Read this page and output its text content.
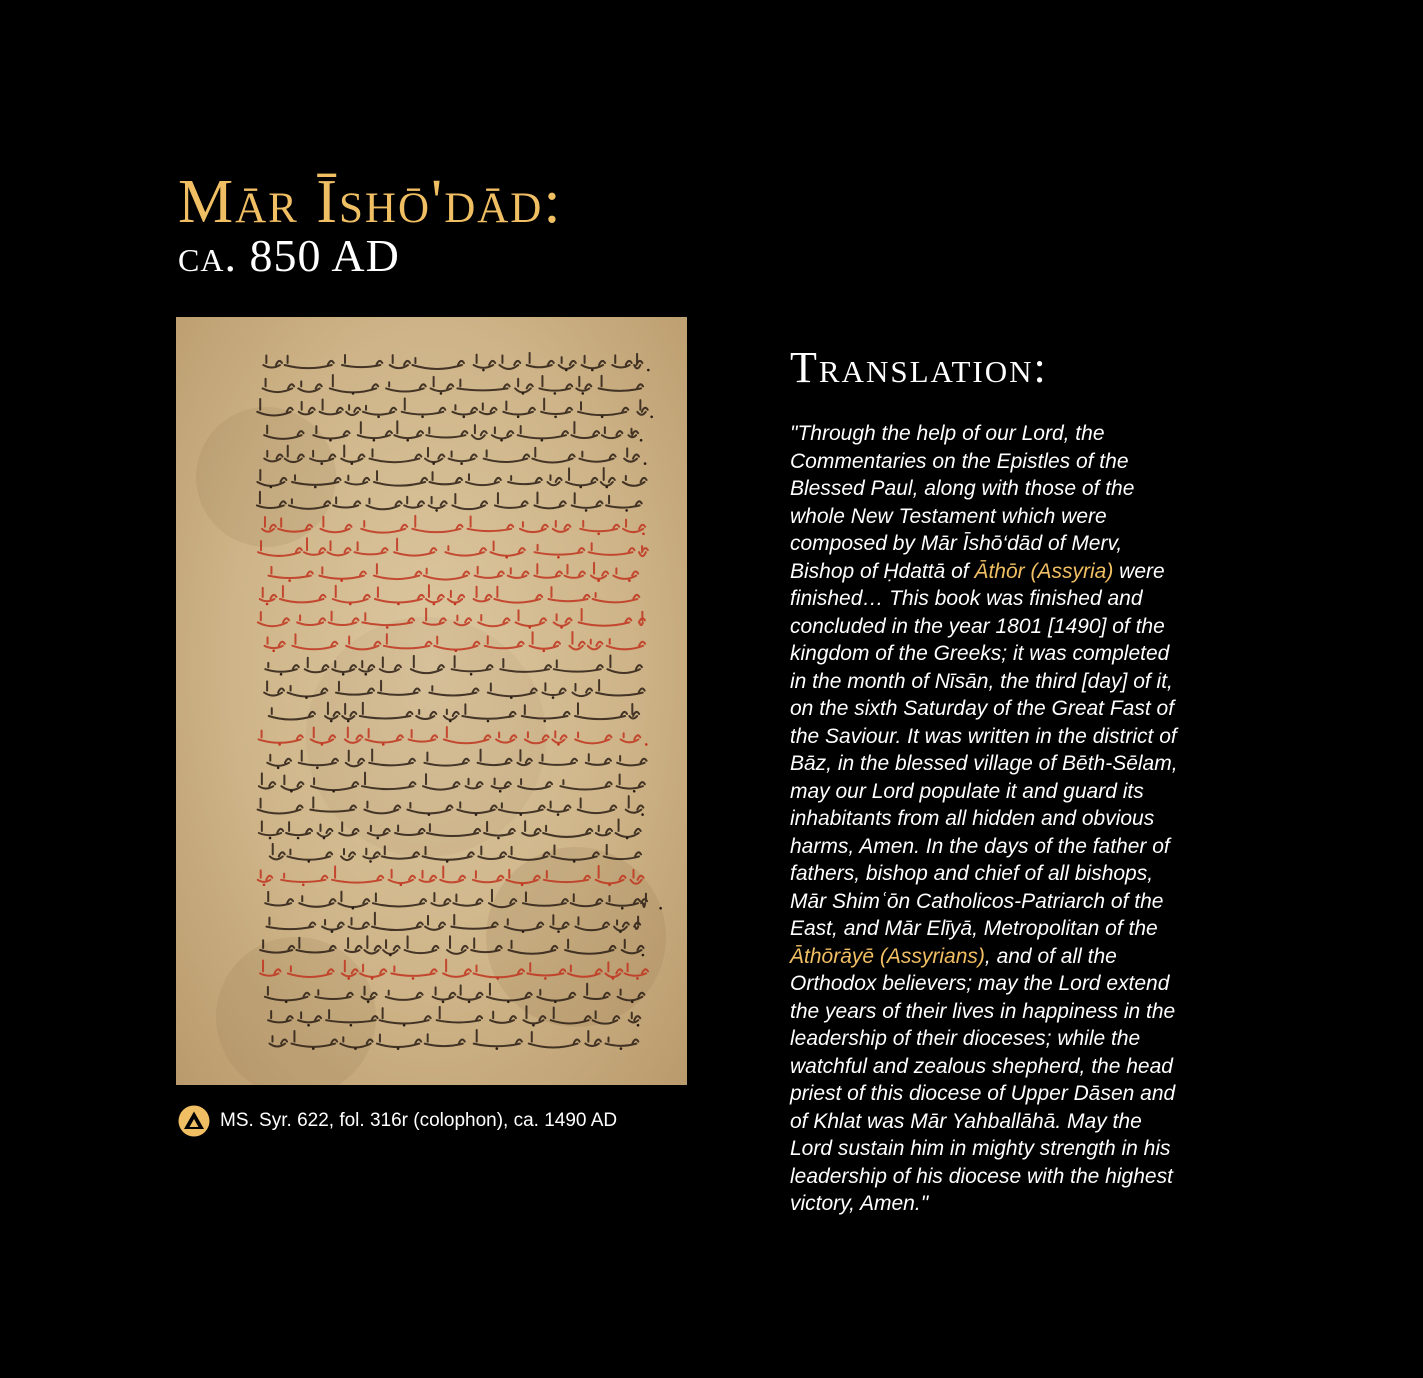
Mār Īshō'dād:
ca. 850 AD
MS. Syr. 622, fol. 316r (colophon), ca. 1490 AD
Translation:
"Through the help of our Lord, the
Commentaries on the Epistles of the
Blessed Paul, along with those of the
whole New Testament which were
composed by Mār Īshō‘dād of Merv,
Bishop of Ḥdattā of Āthōr (Assyria) were
finished… This book was finished and
concluded in the year 1801 [1490] of the
kingdom of the Greeks; it was completed
in the month of Nīsān, the third [day] of it,
on the sixth Saturday of the Great Fast of
the Saviour. It was written in the district of
Bāz, in the blessed village of Bēth-Sēlam,
may our Lord populate it and guard its
inhabitants from all hidden and obvious
harms, Amen. In the days of the father of
fathers, bishop and chief of all bishops,
Mār Shimʿōn Catholicos-Patriarch of the
East, and Mār Elīyā, Metropolitan of the
Āthōrāyē (Assyrians), and of all the
Orthodox believers; may the Lord extend
the years of their lives in happiness in the
leadership of their dioceses; while the
watchful and zealous shepherd, the head
priest of this diocese of Upper Dāsen and
of Khlat was Mār Yahballāhā. May the
Lord sustain him in mighty strength in his
leadership of his diocese with the highest
victory, Amen."
